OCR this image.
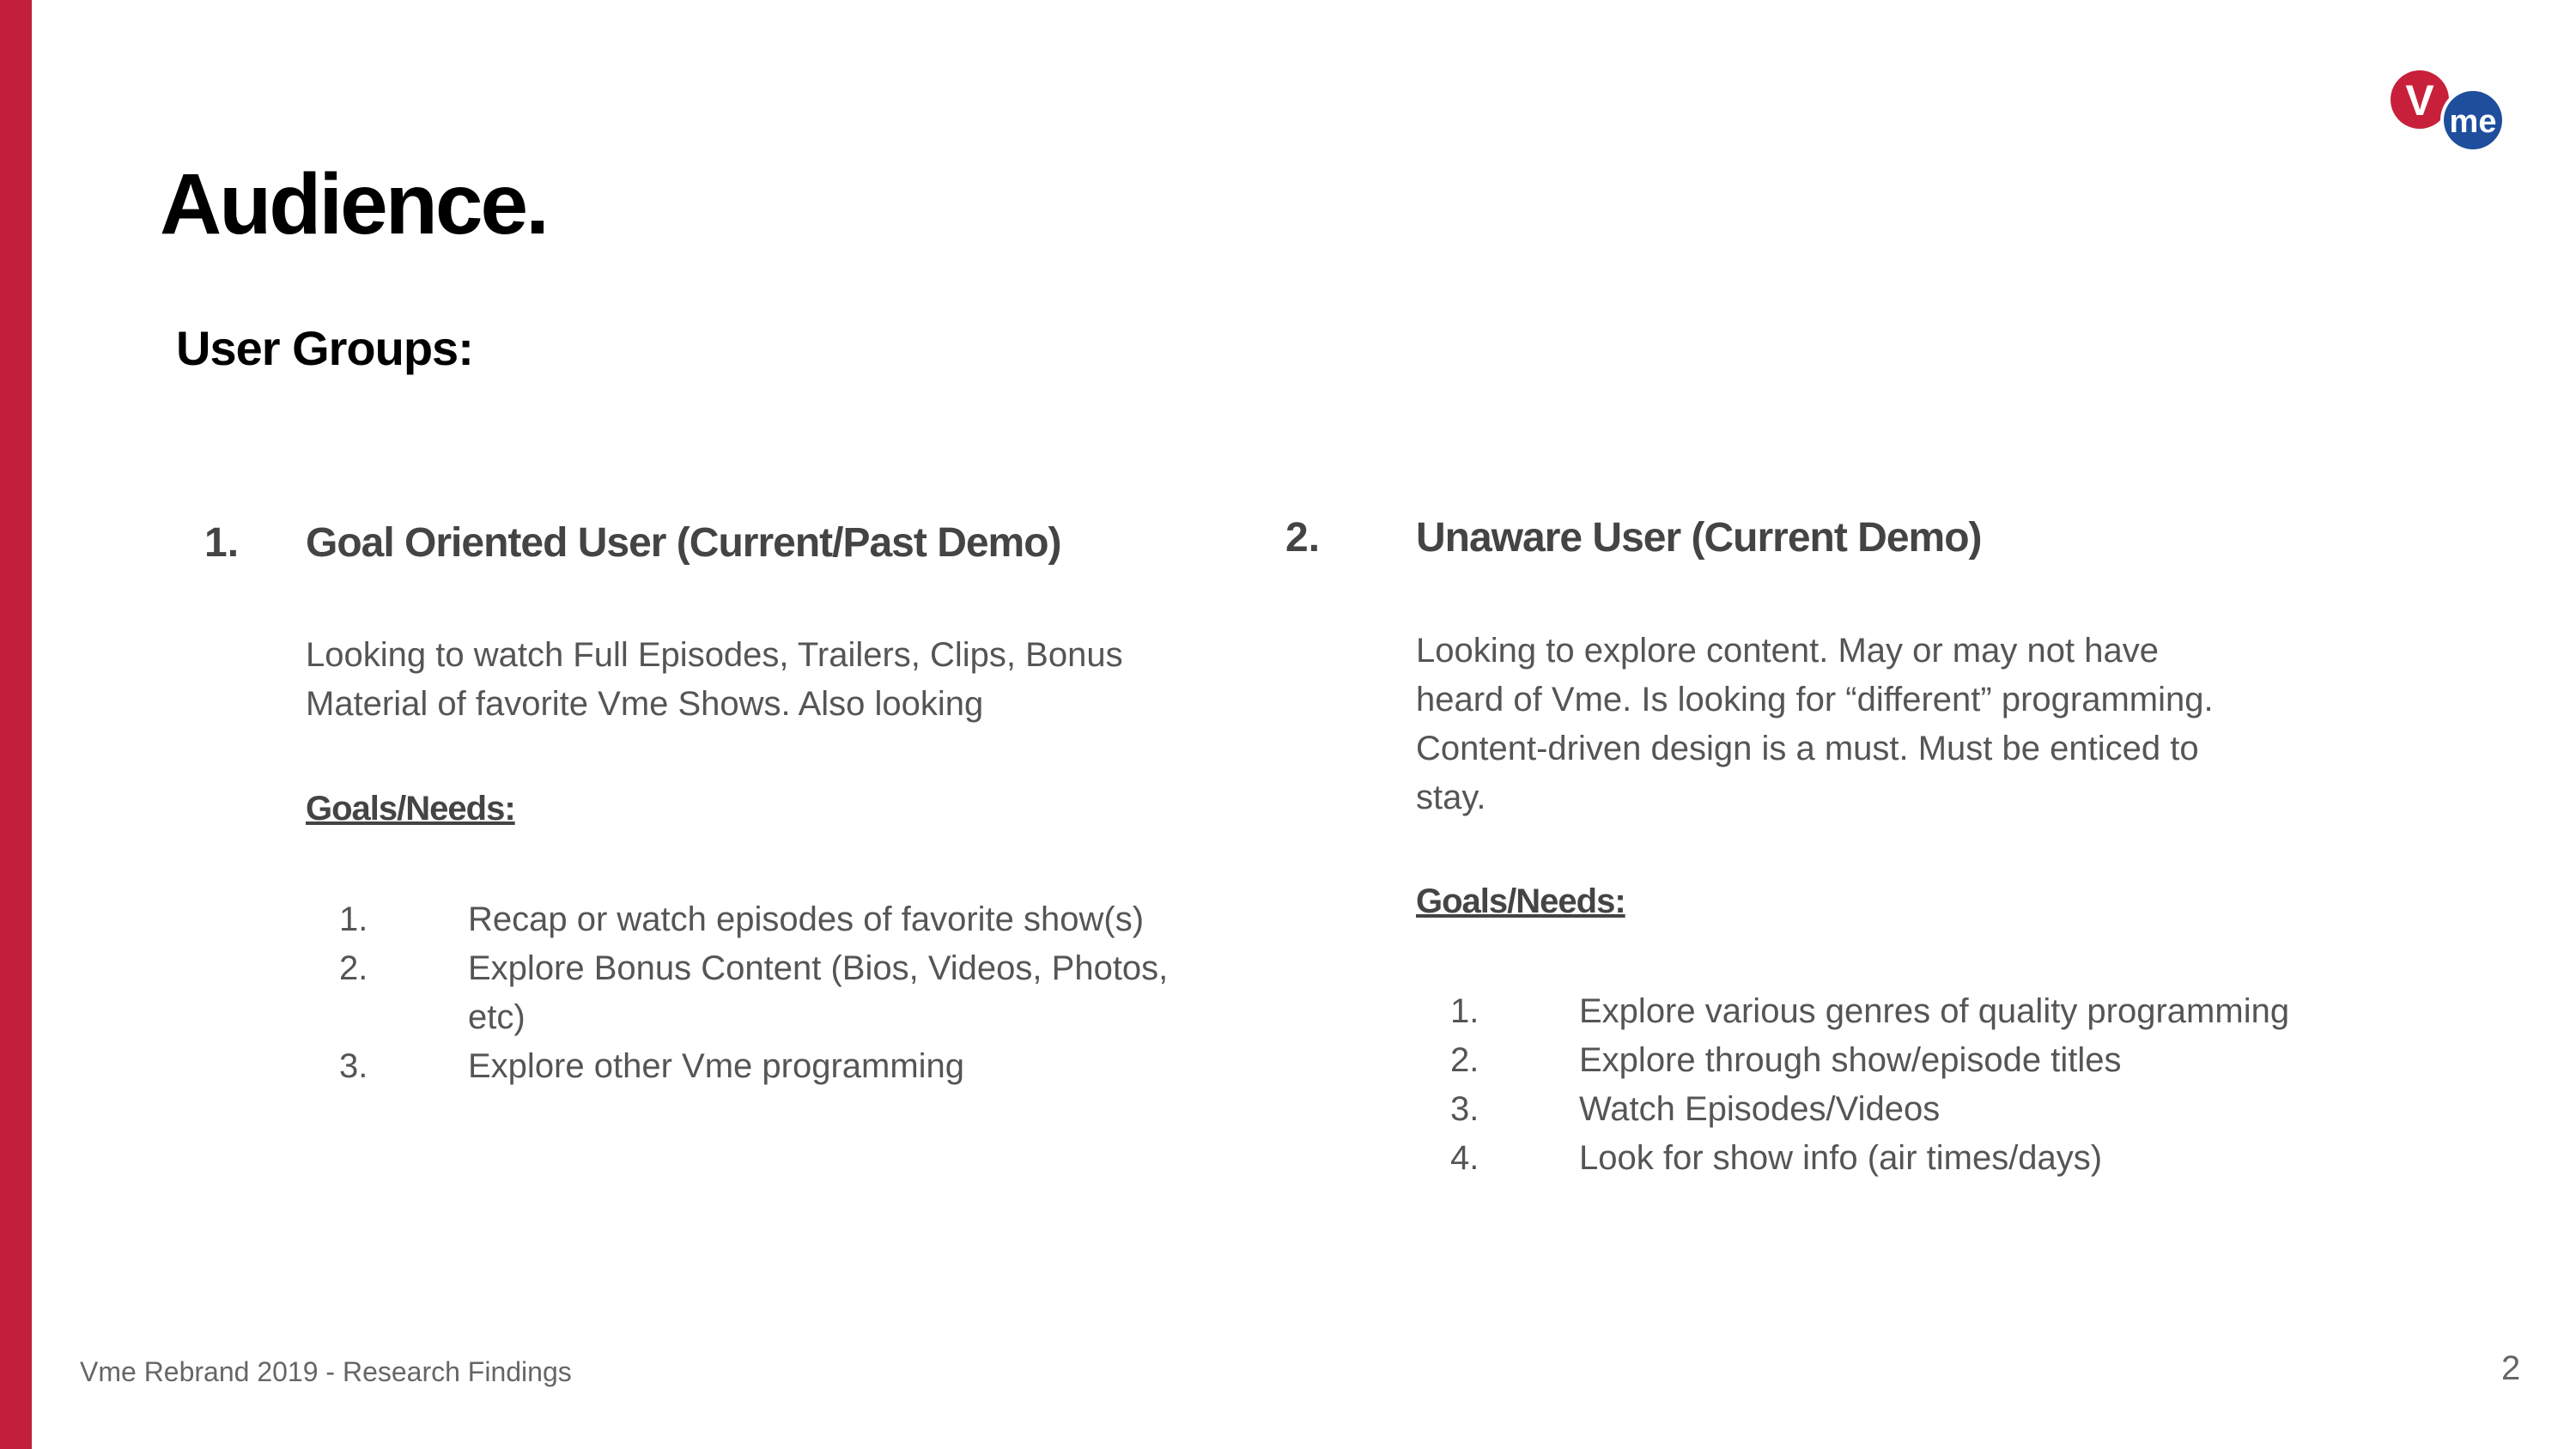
V me
Audience.
User Groups:
1. Goal Oriented User (Current/Past Demo)
Looking to watch Full Episodes, Trailers, Clips, Bonus
Material of favorite Vme Shows. Also looking
Goals/Needs:
1.	Recap or watch episodes of favorite show(s)
2.	Explore Bonus Content (Bios, Videos, Photos, etc)
3.	Explore other Vme programming
2. Unaware User (Current Demo)
Looking to explore content. May or may not have
heard of Vme. Is looking for “different” programming.
Content-driven design is a must. Must be enticed to
stay.
Goals/Needs:
1.	Explore various genres of quality programming
2.	Explore through show/episode titles
3.	Watch Episodes/Videos
4.	Look for show info (air times/days)
Vme Rebrand 2019 - Research Findings	2
